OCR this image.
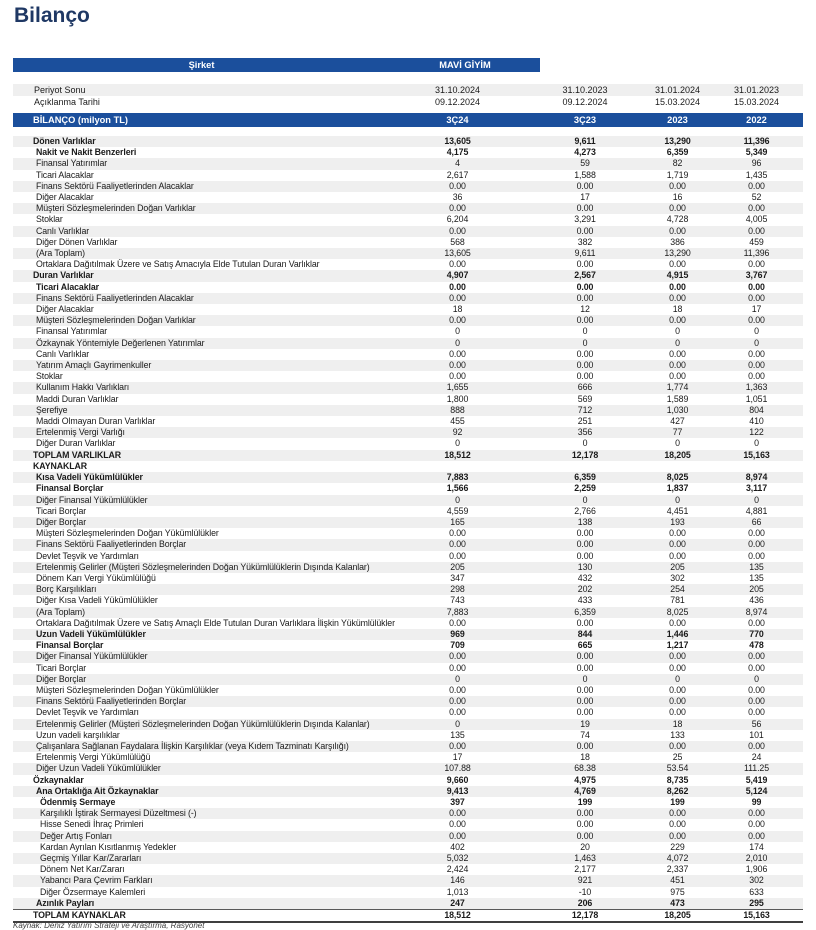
Bilanço
Şirket	MAVİ GİYİM
Periyot Sonu	31.10.2024	31.10.2023	31.01.2024	31.01.2023
Açıklanma Tarihi	09.12.2024	09.12.2024	15.03.2024	15.03.2024
BİLANÇO (milyon TL)	3Ç24	3Ç23	2023	2022
Dönen Varlıklar	13,605	9,611	13,290	11,396
Nakit ve Nakit Benzerleri	4,175	4,273	6,359	5,349
Finansal Yatırımlar	4	59	82	96
Ticari Alacaklar	2,617	1,588	1,719	1,435
Finans Sektörü Faaliyetlerinden Alacaklar	0.00	0.00	0.00	0.00
Diğer Alacaklar	36	17	16	52
Müşteri Sözleşmelerinden Doğan Varlıklar	0.00	0.00	0.00	0.00
Stoklar	6,204	3,291	4,728	4,005
Canlı Varlıklar	0.00	0.00	0.00	0.00
Diğer Dönen Varlıklar	568	382	386	459
(Ara Toplam)	13,605	9,611	13,290	11,396
Ortaklara Dağıtılmak Üzere ve Satış Amacıyla Elde Tutulan Duran Varlıklar	0.00	0.00	0.00	0.00
Duran Varlıklar	4,907	2,567	4,915	3,767
Ticari Alacaklar	0.00	0.00	0.00	0.00
Finans Sektörü Faaliyetlerinden Alacaklar	0.00	0.00	0.00	0.00
Diğer Alacaklar	18	12	18	17
Müşteri Sözleşmelerinden Doğan Varlıklar	0.00	0.00	0.00	0.00
Finansal Yatırımlar	0	0	0	0
Özkaynak Yöntemiyle Değerlenen Yatırımlar	0	0	0	0
Canlı Varlıklar	0.00	0.00	0.00	0.00
Yatırım Amaçlı Gayrimenkuller	0.00	0.00	0.00	0.00
Stoklar	0.00	0.00	0.00	0.00
Kullanım Hakkı Varlıkları	1,655	666	1,774	1,363
Maddi Duran Varlıklar	1,800	569	1,589	1,051
Şerefiye	888	712	1,030	804
Maddi Olmayan Duran Varlıklar	455	251	427	410
Ertelenmiş Vergi Varlığı	92	356	77	122
Diğer Duran Varlıklar	0	0	0	0
TOPLAM VARLIKLAR	18,512	12,178	18,205	15,163
KAYNAKLAR				
Kısa Vadeli Yükümlülükler	7,883	6,359	8,025	8,974
Finansal Borçlar	1,566	2,259	1,837	3,117
Diğer Finansal Yükümlülükler	0	0	0	0
Ticari Borçlar	4,559	2,766	4,451	4,881
Diğer Borçlar	165	138	193	66
Müşteri Sözleşmelerinden Doğan Yükümlülükler	0.00	0.00	0.00	0.00
Finans Sektörü Faaliyetlerinden Borçlar	0.00	0.00	0.00	0.00
Devlet Teşvik ve Yardımları	0.00	0.00	0.00	0.00
Ertelenmiş Gelirler (Müşteri Sözleşmelerinden Doğan Yükümlülüklerin Dışında Kalanlar)	205	130	205	135
Dönem Karı Vergi Yükümlülüğü	347	432	302	135
Borç Karşılıkları	298	202	254	205
Diğer Kısa Vadeli Yükümlülükler	743	433	781	436
(Ara Toplam)	7,883	6,359	8,025	8,974
Ortaklara Dağıtılmak Üzere ve Satış Amaçlı Elde Tutulan Duran Varlıklara İlişkin Yükümlülükler	0.00	0.00	0.00	0.00
Uzun Vadeli Yükümlülükler	969	844	1,446	770
Finansal Borçlar	709	665	1,217	478
Diğer Finansal Yükümlülükler	0.00	0.00	0.00	0.00
Ticari Borçlar	0.00	0.00	0.00	0.00
Diğer Borçlar	0	0	0	0
Müşteri Sözleşmelerinden Doğan Yükümlülükler	0.00	0.00	0.00	0.00
Finans Sektörü Faaliyetlerinden Borçlar	0.00	0.00	0.00	0.00
Devlet Teşvik ve Yardımları	0.00	0.00	0.00	0.00
Ertelenmiş Gelirler (Müşteri Sözleşmelerinden Doğan Yükümlülüklerin Dışında Kalanlar)	0	19	18	56
Uzun vadeli karşılıklar	135	74	133	101
Çalışanlara Sağlanan Faydalara İlişkin Karşılıklar (veya Kıdem Tazminatı Karşılığı)	0.00	0.00	0.00	0.00
Ertelenmiş Vergi Yükümlülüğü	17	18	25	24
Diğer Uzun Vadeli Yükümlülükler	107.88	68.38	53.54	111.25
Özkaynaklar	9,660	4,975	8,735	5,419
Ana Ortaklığa Ait Özkaynaklar	9,413	4,769	8,262	5,124
Ödenmiş Sermaye	397	199	199	99
Karşılıklı İştirak Sermayesi Düzeltmesi (-)	0.00	0.00	0.00	0.00
Hisse Senedi İhraç Primleri	0.00	0.00	0.00	0.00
Değer Artış Fonları	0.00	0.00	0.00	0.00
Kardan Ayrılan Kısıtlanmış Yedekler	402	20	229	174
Geçmiş Yıllar Kar/Zararları	5,032	1,463	4,072	2,010
Dönem Net Kar/Zararı	2,424	2,177	2,337	1,906
Yabancı Para Çevrim Farkları	146	921	451	302
Diğer Özsermaye Kalemleri	1,013	-10	975	633
Azınlık Payları	247	206	473	295
TOPLAM KAYNAKLAR	18,512	12,178	18,205	15,163
Kaynak: Deniz Yatırım Strateji ve Araştırma, Rasyonet
